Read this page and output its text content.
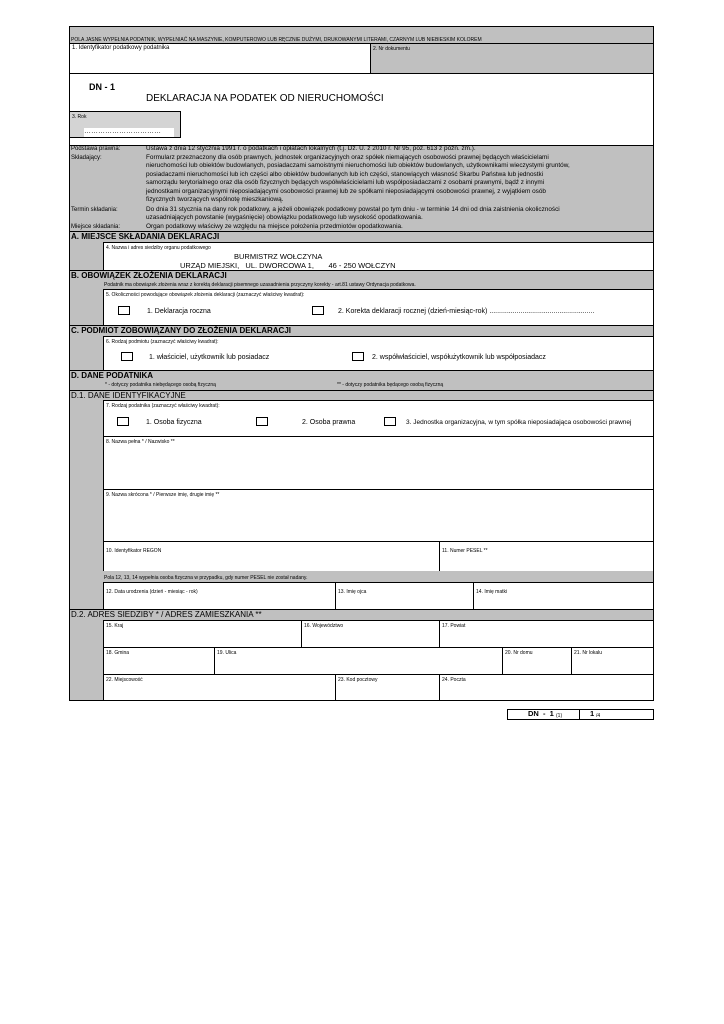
POLA JASNE WYPEŁNIA PODATNIK, WYPEŁNIAĆ NA MASZYNIE, KOMPUTEROWO LUB RĘCZNIE DUŻYMI, DRUKOWANYMI LITERAMI, CZARNYM LUB NIEBIESKIM KOLOREM
1. Identyfikator podatkowy podatnika	2. Nr dokumentu
DN - 1
DEKLARACJA NA PODATEK OD NIERUCHOMOŚCI
3. Rok
……………………………
Podstawa prawna:	Ustawa z dnia 12 stycznia 1991 r. o podatkach i opłatach lokalnych (t.j. Dz. U. z 2010 r. Nr 95, poz. 613 z późn. zm.).
Składający:	Formularz przeznaczony dla osób prawnych, jednostek organizacyjnych oraz spółek niemających osobowości prawnej będących właścicielami
nieruchomości lub obiektów budowlanych, posiadaczami samoistnymi nieruchomości lub obiektów budowlanych, użytkownikami wieczystymi gruntów,
posiadaczami nieruchomości lub ich części albo obiektów budowlanych lub ich części, stanowiących własność Skarbu Państwa lub jednostki
samorządu terytorialnego oraz dla osób fizycznych będących współwłaścicielami lub współposiadaczami z osobami prawnymi, bądź z innymi
jednostkami organizacyjnymi nieposiadającymi osobowości prawnej lub ze spółkami nieposiadającymi osobowości prawnej, z wyjątkiem osób
fizycznych tworzących wspólnotę mieszkaniową.
Termin składania:	Do dnia 31 stycznia na dany rok podatkowy, a jeżeli obowiązek podatkowy powstał po tym dniu - w terminie 14 dni od dnia zaistnienia okoliczności
uzasadniających powstanie (wygaśnięcie) obowiązku podatkowego lub wysokość opodatkowania.
Miejsce składania:	Organ podatkowy właściwy ze względu na miejsce położenia przedmiotów opodatkowania.
A. MIEJSCE SKŁADANIA DEKLARACJI
4. Nazwa i adres siedziby organu podatkowego
BURMISTRZ WOŁCZYNA
URZĄD MIEJSKI,   UL. DWORCOWA 1,       46 - 250 WOŁCZYN
B. OBOWIĄZEK ZŁOŻENIA DEKLARACJI
Podatnik ma obowiązek złożenia wraz z korektą deklaracji pisemnego uzasadnienia przyczyny korekty - art.81 ustawy Ordynacja podatkowa.
5. Okoliczności powodujące obowiązek złożenia deklaracji (zaznaczyć właściwy kwadrat):
1. Deklaracja roczna	2. Korekta deklaracji rocznej (dzień-miesiąc-rok) ......................................................
C. PODMIOT ZOBOWIĄZANY DO ZŁOŻENIA DEKLARACJI
6. Rodzaj podmiotu (zaznaczyć właściwy kwadrat):
1. właściciel, użytkownik lub posiadacz	2. współwłaściciel, współużytkownik lub współposiadacz
D. DANE PODATNIKA
* - dotyczy podatnika niebędącego osobą fizyczną	** - dotyczy podatnika będącego osobą fizyczną
D.1. DANE IDENTYFIKACYJNE
7. Rodzaj podatnika (zaznaczyć właściwy kwadrat):
1. Osoba fizyczna	2. Osoba prawna	3. Jednostka organizacyjna, w tym spółka nieposiadająca osobowości prawnej
8. Nazwa pełna * / Nazwisko **
9. Nazwa skrócona * / Pierwsze imię, drugie imię **
10. Identyfikator REGON	11. Numer PESEL **
Pola 12, 13, 14 wypełnia osoba fizyczna w przypadku, gdy numer PESEL nie został nadany.
12. Data urodzenia (dzień - miesiąc - rok)	13. Imię ojca	14. Imię matki
D.2. ADRES SIEDZIBY * / ADRES ZAMIESZKANIA **
15. Kraj	16. Województwo	17. Powiat
18. Gmina	19. Ulica	20. Nr domu	21. Nr lokalu
22. Miejscowość	23. Kod pocztowy	24. Poczta
DN  -  1 (1)	1 /4
